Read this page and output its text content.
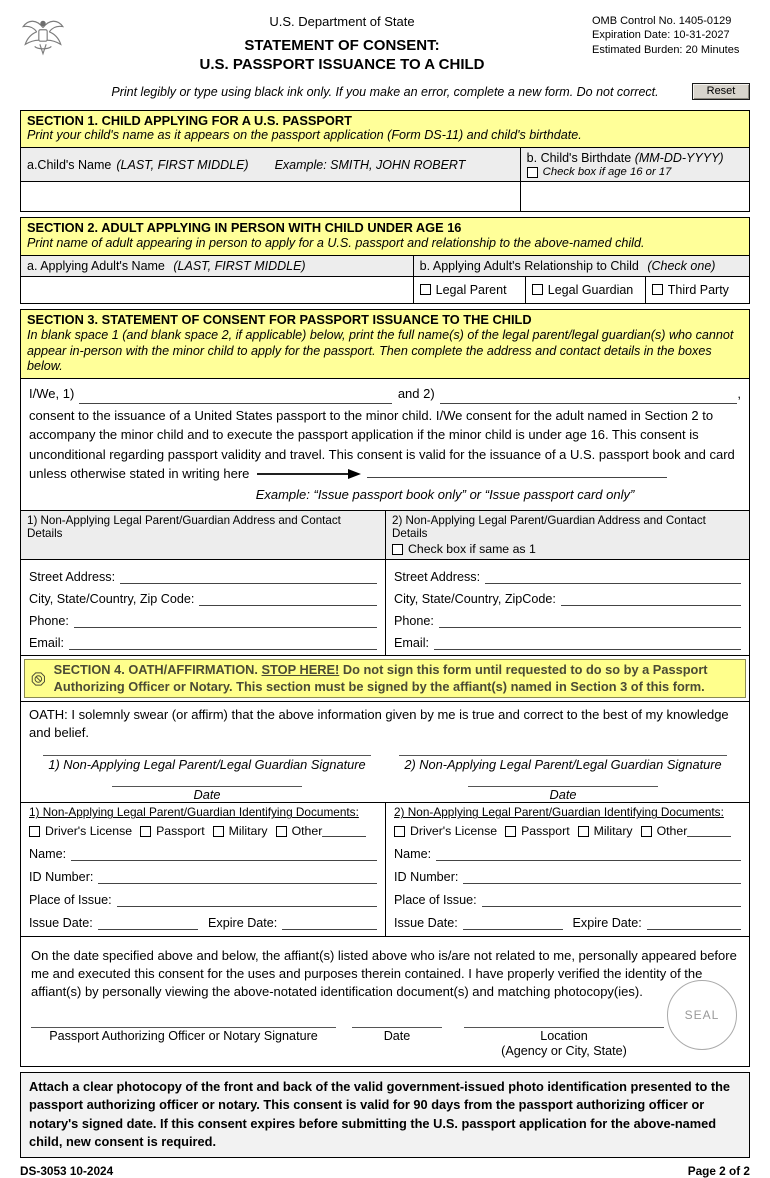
U.S. Department of State
STATEMENT OF CONSENT:
U.S. PASSPORT ISSUANCE TO A CHILD
OMB Control No. 1405-0129
Expiration Date: 10-31-2027
Estimated Burden: 20 Minutes
Print legibly or type using black ink only. If you make an error, complete a new form. Do not correct.	Reset
SECTION 1. CHILD APPLYING FOR A U.S. PASSPORT
Print your child's name as it appears on the passport application (Form DS-11) and child's birthdate.
a.Child's Name (LAST, FIRST MIDDLE) Example: SMITH, JOHN ROBERT	b. Child's Birthdate (MM-DD-YYYY)
Check box if age 16 or 17
SECTION 2. ADULT APPLYING IN PERSON WITH CHILD UNDER AGE 16
Print name of adult appearing in person to apply for a U.S. passport and relationship to the above-named child.
a. Applying Adult's Name (LAST, FIRST MIDDLE)	b. Applying Adult's Relationship to Child (Check one)
Legal Parent	Legal Guardian	Third Party
SECTION 3. STATEMENT OF CONSENT FOR PASSPORT ISSUANCE TO THE CHILD
In blank space 1 (and blank space 2, if applicable) below, print the full name(s) of the legal parent/legal guardian(s) who cannot appear in-person with the minor child to apply for the passport. Then complete the address and contact details in the boxes below.
I/We, 1)	and 2)	,
consent to the issuance of a United States passport to the minor child. I/We consent for the adult named in Section 2 to accompany the minor child and to execute the passport application if the minor child is under age 16. This consent is unconditional regarding passport validity and travel. This consent is valid for the issuance of a U.S. passport book and card unless otherwise stated in writing here
Example: “Issue passport book only” or “Issue passport card only”
1) Non-Applying Legal Parent/Guardian Address and Contact Details
2) Non-Applying Legal Parent/Guardian Address and Contact Details
Check box if same as 1
Street Address:
City, State/Country, Zip Code:
Phone:
Email:
Street Address:
City, State/Country, ZipCode:
Phone:
Email:
SECTION 4. OATH/AFFIRMATION. STOP HERE! Do not sign this form until requested to do so by a Passport Authorizing Officer or Notary. This section must be signed by the affiant(s) named in Section 3 of this form.
OATH: I solemnly swear (or affirm) that the above information given by me is true and correct to the best of my knowledge and belief.
1) Non-Applying Legal Parent/Legal Guardian Signature
Date
2) Non-Applying Legal Parent/Legal Guardian Signature
Date
1) Non-Applying Legal Parent/Guardian Identifying Documents:
Driver's License Passport Military Other
Name:
ID Number:
Place of Issue:
Issue Date:	Expire Date:
2) Non-Applying Legal Parent/Guardian Identifying Documents:
Driver's License Passport Military Other
Name:
ID Number:
Place of Issue:
Issue Date:	Expire Date:
On the date specified above and below, the affiant(s) listed above who is/are not related to me, personally appeared before me and executed this consent for the uses and purposes therein contained. I have properly verified the identity of the affiant(s) by personally viewing the above-notated identification document(s) and matching photocopy(ies).
Passport Authorizing Officer or Notary Signature	Date	Location
(Agency or City, State)
SEAL
Attach a clear photocopy of the front and back of the valid government-issued photo identification presented to the passport authorizing officer or notary. This consent is valid for 90 days from the passport authorizing officer or notary's signed date. If this consent expires before submitting the U.S. passport application for the above-named child, new consent is required.
DS-3053 10-2024	Page 2 of 2
